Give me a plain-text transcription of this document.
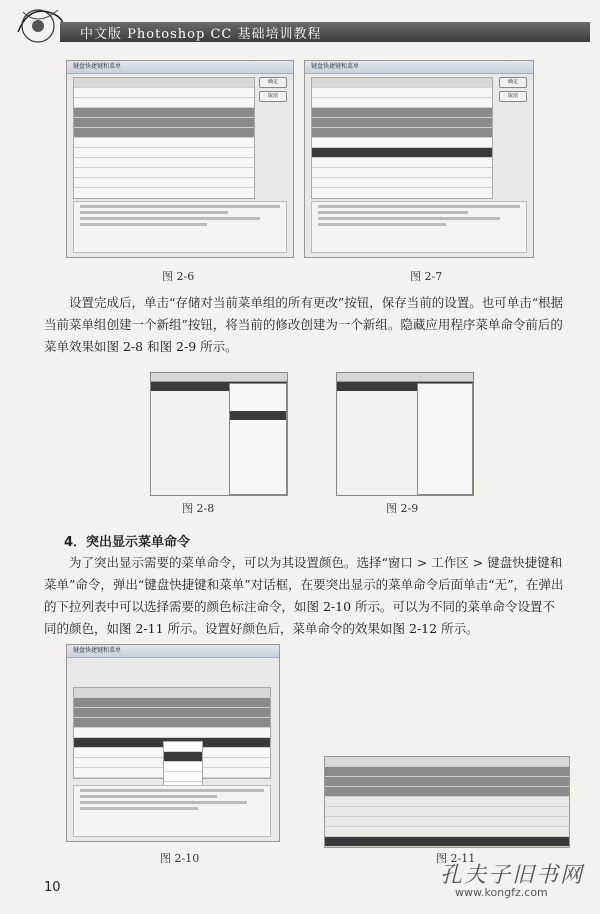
中文版 Photoshop CC 基础培训教程
键盘快捷键和菜单
确定
取消
图 2-6
键盘快捷键和菜单
确定
取消
图 2-7

设置完成后，单击“存储对当前菜单组的所有更改”按钮，保存当前的设置。也可单击“根据当前菜单组创建一个新组”按钮，将当前的修改创建为一个新组。隐藏应用程序菜单命令前后的菜单效果如图 2-8 和图 2-9 所示。

图 2-8	图 2-9
4．突出显示菜单命令

为了突出显示需要的菜单命令，可以为其设置颜色。选择“窗口 > 工作区 > 键盘快捷键和菜单”命令，弹出“键盘快捷键和菜单”对话框，在要突出显示的菜单命令后面单击“无”，在弹出的下拉列表中可以选择需要的颜色标注命令，如图 2-10 所示。可以为不同的菜单命令设置不同的颜色，如图 2-11 所示。设置好颜色后，菜单命令的效果如图 2-12 所示。

键盘快捷键和菜单
图 2-10	图 2-11
孔夫子旧书网
www.kongfz.com
10
